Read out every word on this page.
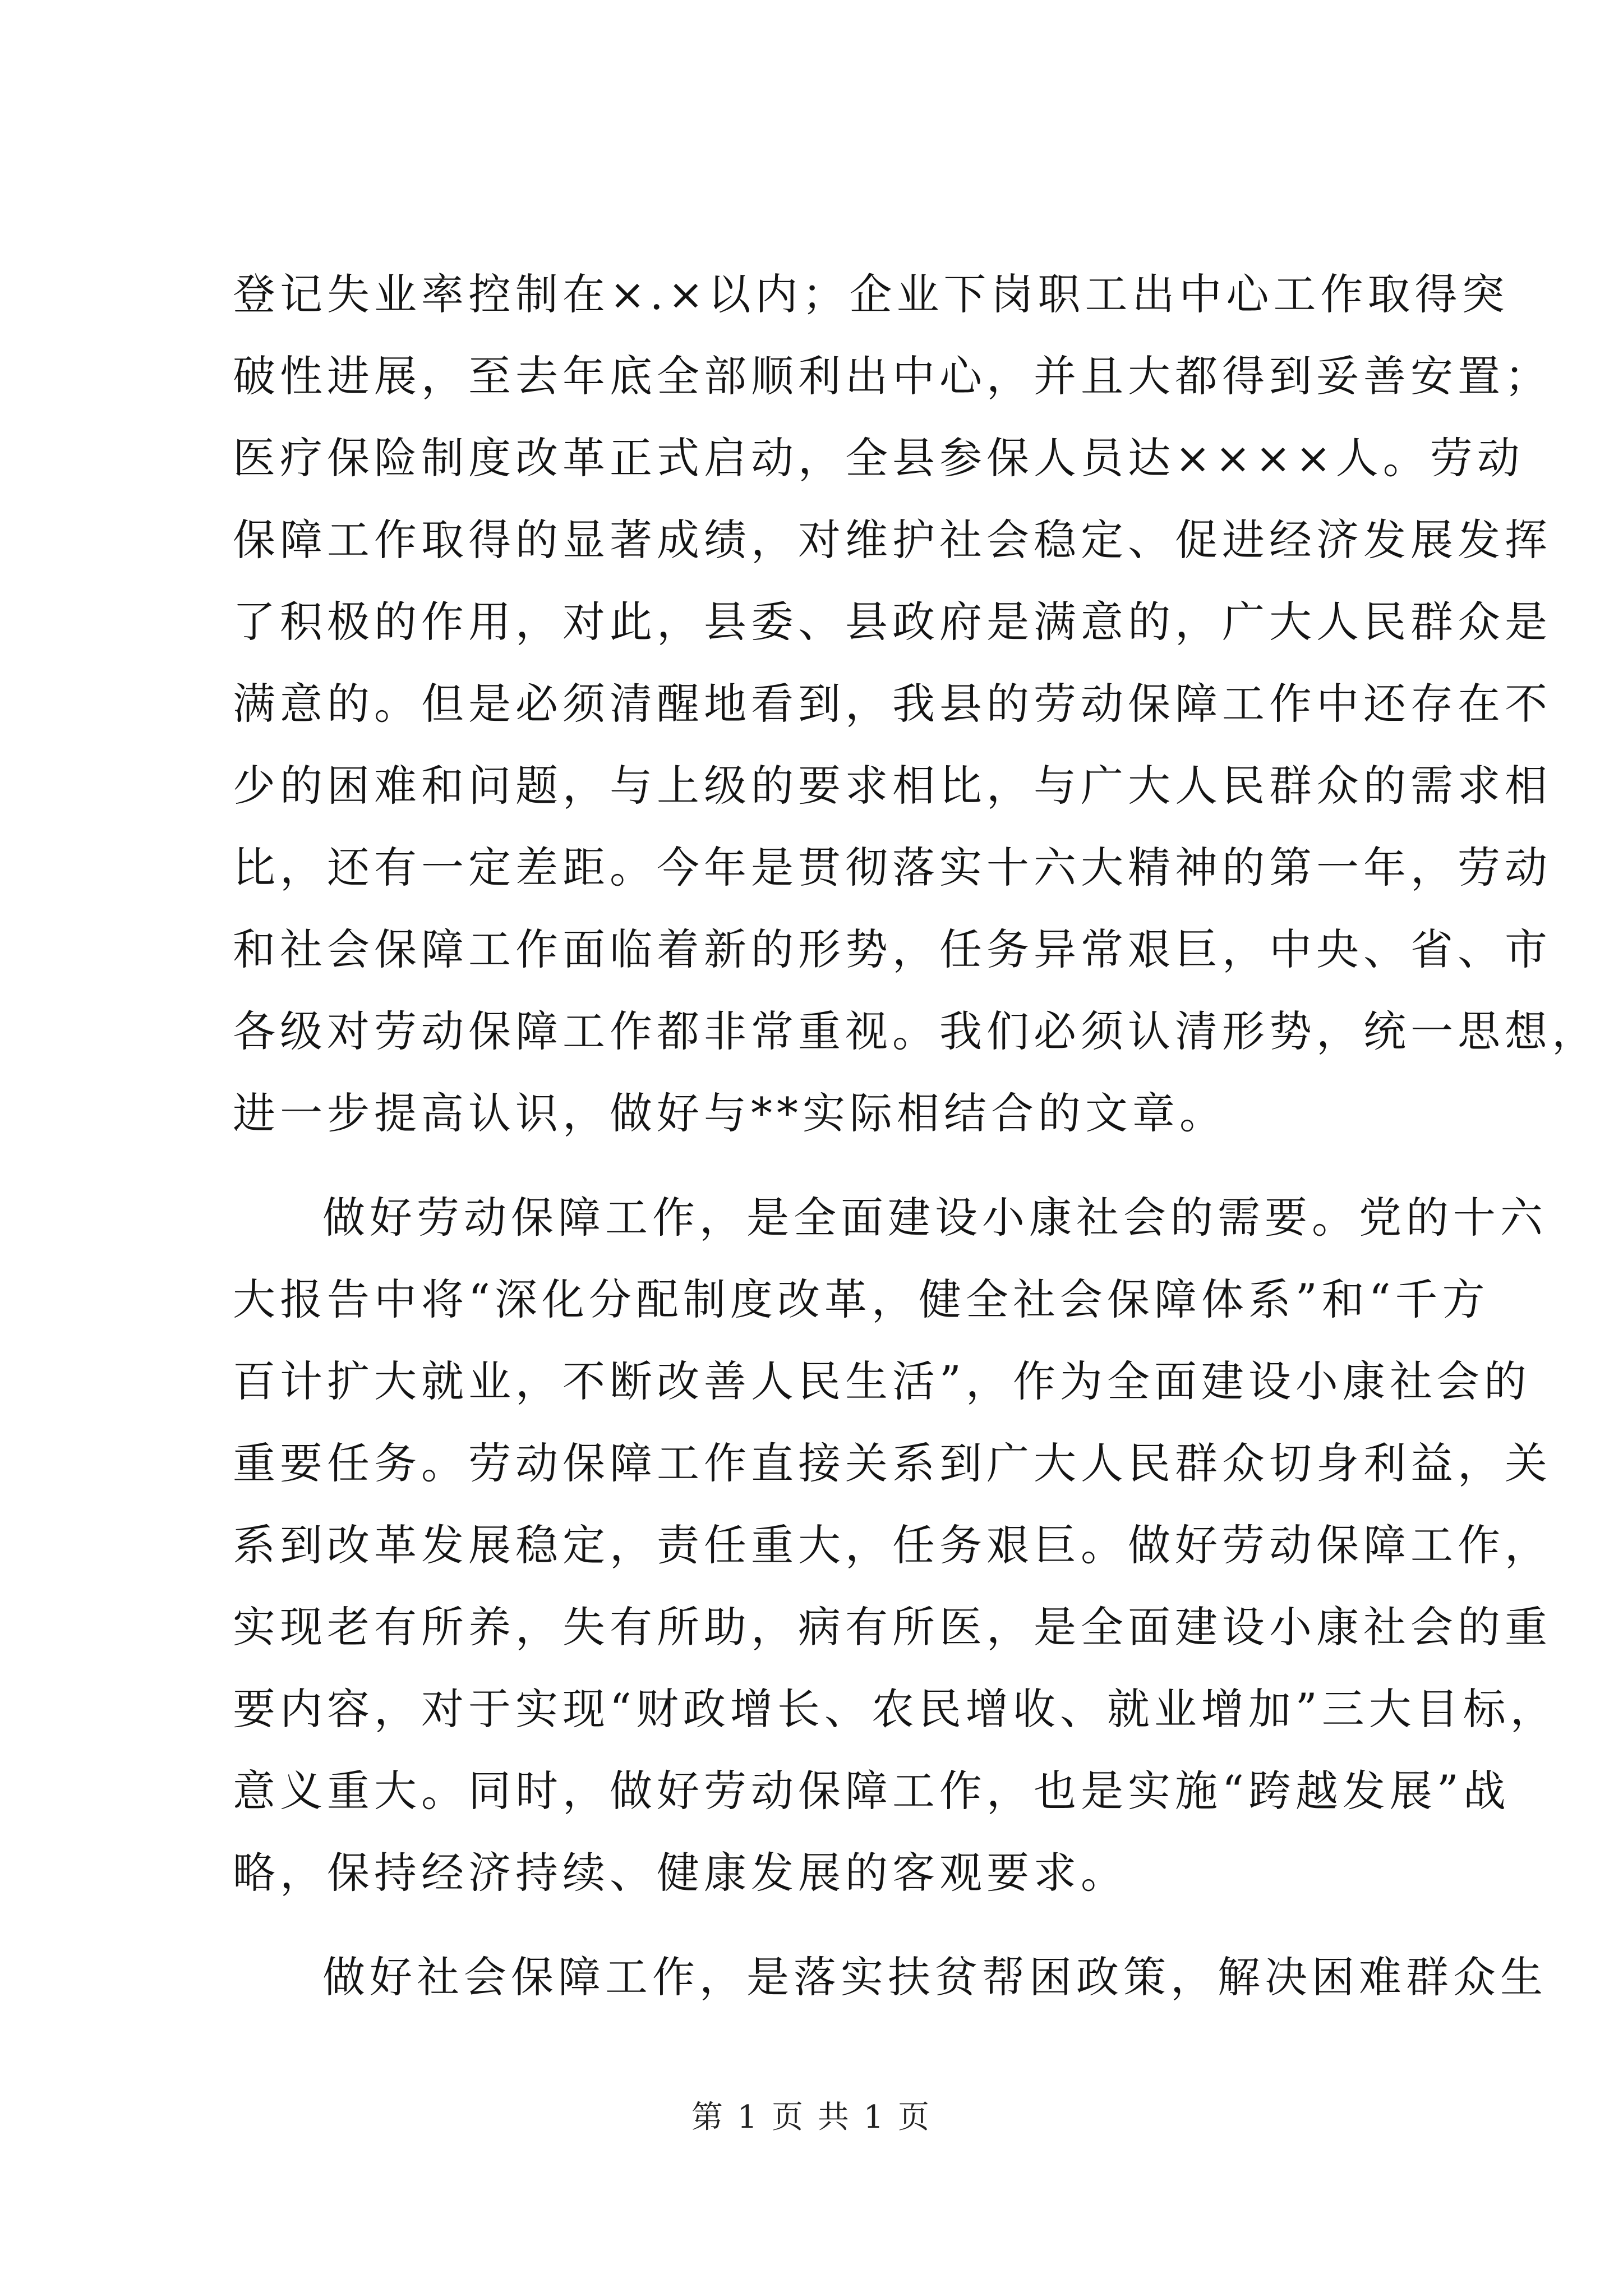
登记失业率控制在×.×以内；企业下岗职工出中心工作取得突
破性进展，至去年底全部顺利出中心，并且大都得到妥善安置；
医疗保险制度改革正式启动，全县参保人员达××××人。劳动
保障工作取得的显著成绩，对维护社会稳定、促进经济发展发挥
了积极的作用，对此，县委、县政府是满意的，广大人民群众是
满意的。但是必须清醒地看到，我县的劳动保障工作中还存在不
少的困难和问题，与上级的要求相比，与广大人民群众的需求相
比，还有一定差距。今年是贯彻落实十六大精神的第一年，劳动
和社会保障工作面临着新的形势，任务异常艰巨，中央、省、市
各级对劳动保障工作都非常重视。我们必须认清形势，统一思想，
进一步提高认识，做好与**实际相结合的文章。
做好劳动保障工作，是全面建设小康社会的需要。党的十六
大报告中将“深化分配制度改革，健全社会保障体系”和“千方
百计扩大就业，不断改善人民生活”，作为全面建设小康社会的
重要任务。劳动保障工作直接关系到广大人民群众切身利益，关
系到改革发展稳定，责任重大，任务艰巨。做好劳动保障工作，
实现老有所养，失有所助，病有所医，是全面建设小康社会的重
要内容，对于实现“财政增长、农民增收、就业增加”三大目标，
意义重大。同时，做好劳动保障工作，也是实施“跨越发展”战
略，保持经济持续、健康发展的客观要求。
做好社会保障工作，是落实扶贫帮困政策，解决困难群众生
第 1 页 共 1 页
